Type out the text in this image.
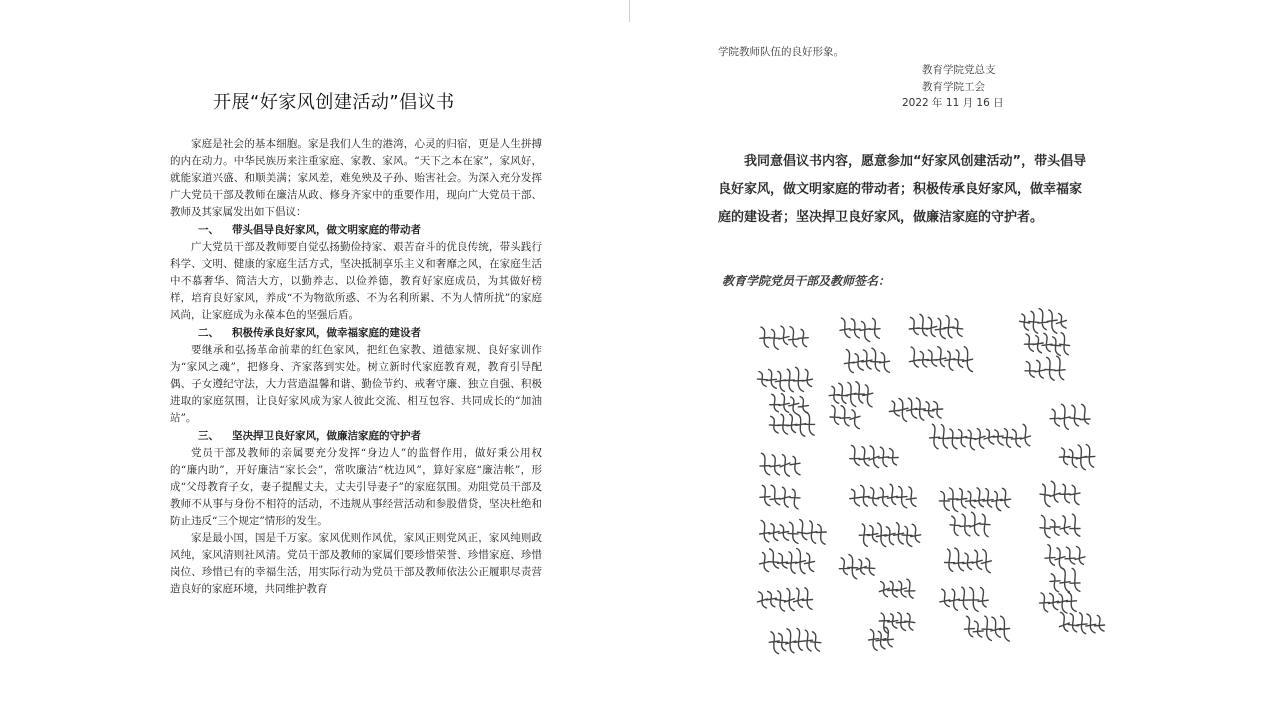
开展“好家风创建活动”倡议书

家庭是社会的基本细胞。家是我们人生的港湾，心灵的归宿，更是人生拼搏的内在动力。中华民族历来注重家庭、家教、家风。“天下之本在家”，家风好，就能家道兴盛、和顺美满；家风差，难免殃及子孙、贻害社会。为深入充分发挥广大党员干部及教师在廉洁从政、修身齐家中的重要作用，现向广大党员干部、教师及其家属发出如下倡议：

一、 带头倡导良好家风，做文明家庭的带动者

广大党员干部及教师要自觉弘扬勤俭持家、艰苦奋斗的优良传统，带头践行科学、文明、健康的家庭生活方式，坚决抵制享乐主义和奢靡之风，在家庭生活中不慕奢华、简洁大方，以勤养志、以俭养德，教育好家庭成员，为其做好榜样，培育良好家风，养成“不为物欲所惑、不为名利所累、不为人情所扰”的家庭风尚，让家庭成为永葆本色的坚强后盾。

二、 积极传承良好家风，做幸福家庭的建设者

要继承和弘扬革命前辈的红色家风，把红色家教、道德家规、良好家训作为“家风之魂”，把修身、齐家落到实处。树立新时代家庭教育观，教育引导配偶、子女遵纪守法，大力营造温馨和谐、勤俭节约、戒奢守廉、独立自强、积极进取的家庭氛围，让良好家风成为家人彼此交流、相互包容、共同成长的“加油站”。

三、 坚决捍卫良好家风，做廉洁家庭的守护者

党员干部及教师的亲属要充分发挥“身边人”的监督作用，做好秉公用权的“廉内助”，开好廉洁“家长会”，常吹廉洁“枕边风”，算好家庭“廉洁帐”，形成“父母教育子女，妻子提醒丈夫，丈夫引导妻子”的家庭氛围。劝阻党员干部及教师不从事与身份不相符的活动，不违规从事经营活动和参股借贷，坚决杜绝和防止违反“三个规定”情形的发生。

家是最小国，国是千万家。家风优则作风优，家风正则党风正，家风纯则政风纯，家风清则社风清。党员干部及教师的家属们要珍惜荣誉、珍惜家庭、珍惜岗位、珍惜已有的幸福生活，用实际行动为党员干部及教师依法公正履职尽责营造良好的家庭环境，共同维护教育

学院教师队伍的良好形象。
教育学院党总支
教育学院工会
2022 年 11 月 16 日
我同意倡议书内容，愿意参加“好家风创建活动”，带头倡导良好家风，做文明家庭的带动者；积极传承良好家风，做幸福家庭的建设者；坚决捍卫良好家风，做廉洁家庭的守护者。
教育学院党员干部及教师签名：
